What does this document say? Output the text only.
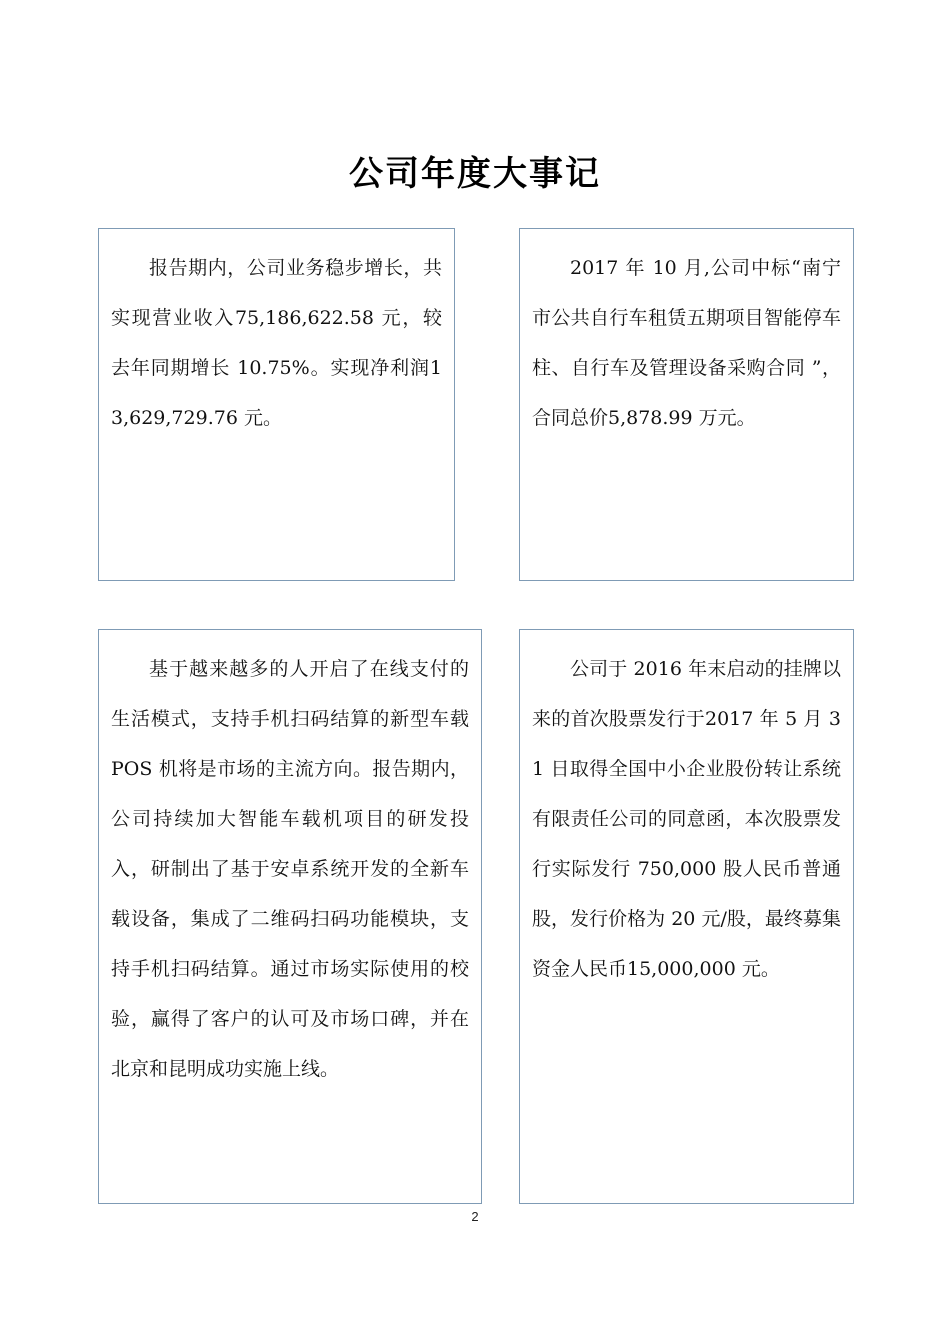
公司年度大事记

报告期内，公司业务稳步增长，共实现营业收入75,186,622.58 元，较去年同期增长 10.75%。实现净利润13,629,729.76 元。

2017 年 10 月,公司中标“南宁市公共自行车租赁五期项目智能停车柱、自行车及管理设备采购合同 ”，合同总价5,878.99 万元。

基于越来越多的人开启了在线支付的生活模式，支持手机扫码结算的新型车载 POS 机将是市场的主流方向。报告期内，公司持续加大智能车载机项目的研发投入，研制出了基于安卓系统开发的全新车载设备，集成了二维码扫码功能模块，支持手机扫码结算。通过市场实际使用的校验，赢得了客户的认可及市场口碑，并在北京和昆明成功实施上线。

公司于 2016 年末启动的挂牌以来的首次股票发行于2017 年 5 月 31 日取得全国中小企业股份转让系统有限责任公司的同意函，本次股票发行实际发行 750,000 股人民币普通股，发行价格为 20 元/股，最终募集资金人民币15,000,000 元。

2
